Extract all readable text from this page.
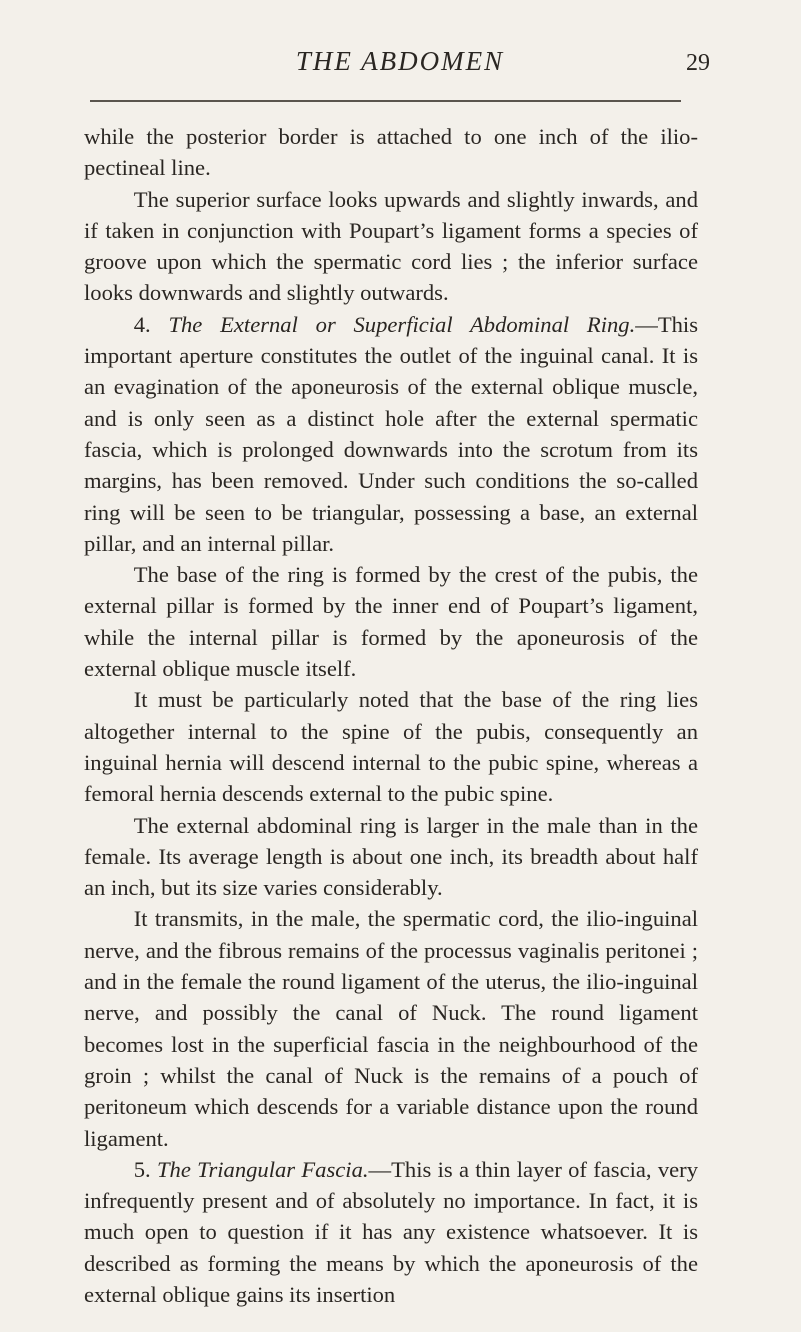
THE ABDOMEN	29

while the posterior border is attached to one inch of the ilio-pectineal line.

The superior surface looks upwards and slightly inwards, and if taken in conjunction with Poupart’s ligament forms a species of groove upon which the spermatic cord lies ; the inferior surface looks downwards and slightly outwards.

4. The External or Superficial Abdominal Ring.—This important aperture constitutes the outlet of the inguinal canal. It is an evagination of the aponeurosis of the external oblique muscle, and is only seen as a distinct hole after the external spermatic fascia, which is prolonged downwards into the scrotum from its margins, has been removed. Under such conditions the so-called ring will be seen to be triangular, possessing a base, an external pillar, and an internal pillar.

The base of the ring is formed by the crest of the pubis, the external pillar is formed by the inner end of Poupart’s ligament, while the internal pillar is formed by the aponeurosis of the external oblique muscle itself.

It must be particularly noted that the base of the ring lies altogether internal to the spine of the pubis, consequently an inguinal hernia will descend internal to the pubic spine, whereas a femoral hernia descends external to the pubic spine.

The external abdominal ring is larger in the male than in the female. Its average length is about one inch, its breadth about half an inch, but its size varies considerably.

It transmits, in the male, the spermatic cord, the ilio-inguinal nerve, and the fibrous remains of the processus vaginalis peritonei ; and in the female the round ligament of the uterus, the ilio-inguinal nerve, and possibly the canal of Nuck. The round ligament becomes lost in the superficial fascia in the neighbourhood of the groin ; whilst the canal of Nuck is the remains of a pouch of peritoneum which descends for a variable distance upon the round ligament.

5. The Triangular Fascia.—This is a thin layer of fascia, very infrequently present and of absolutely no importance. In fact, it is much open to question if it has any existence whatsoever. It is described as forming the means by which the aponeurosis of the external oblique gains its insertion
